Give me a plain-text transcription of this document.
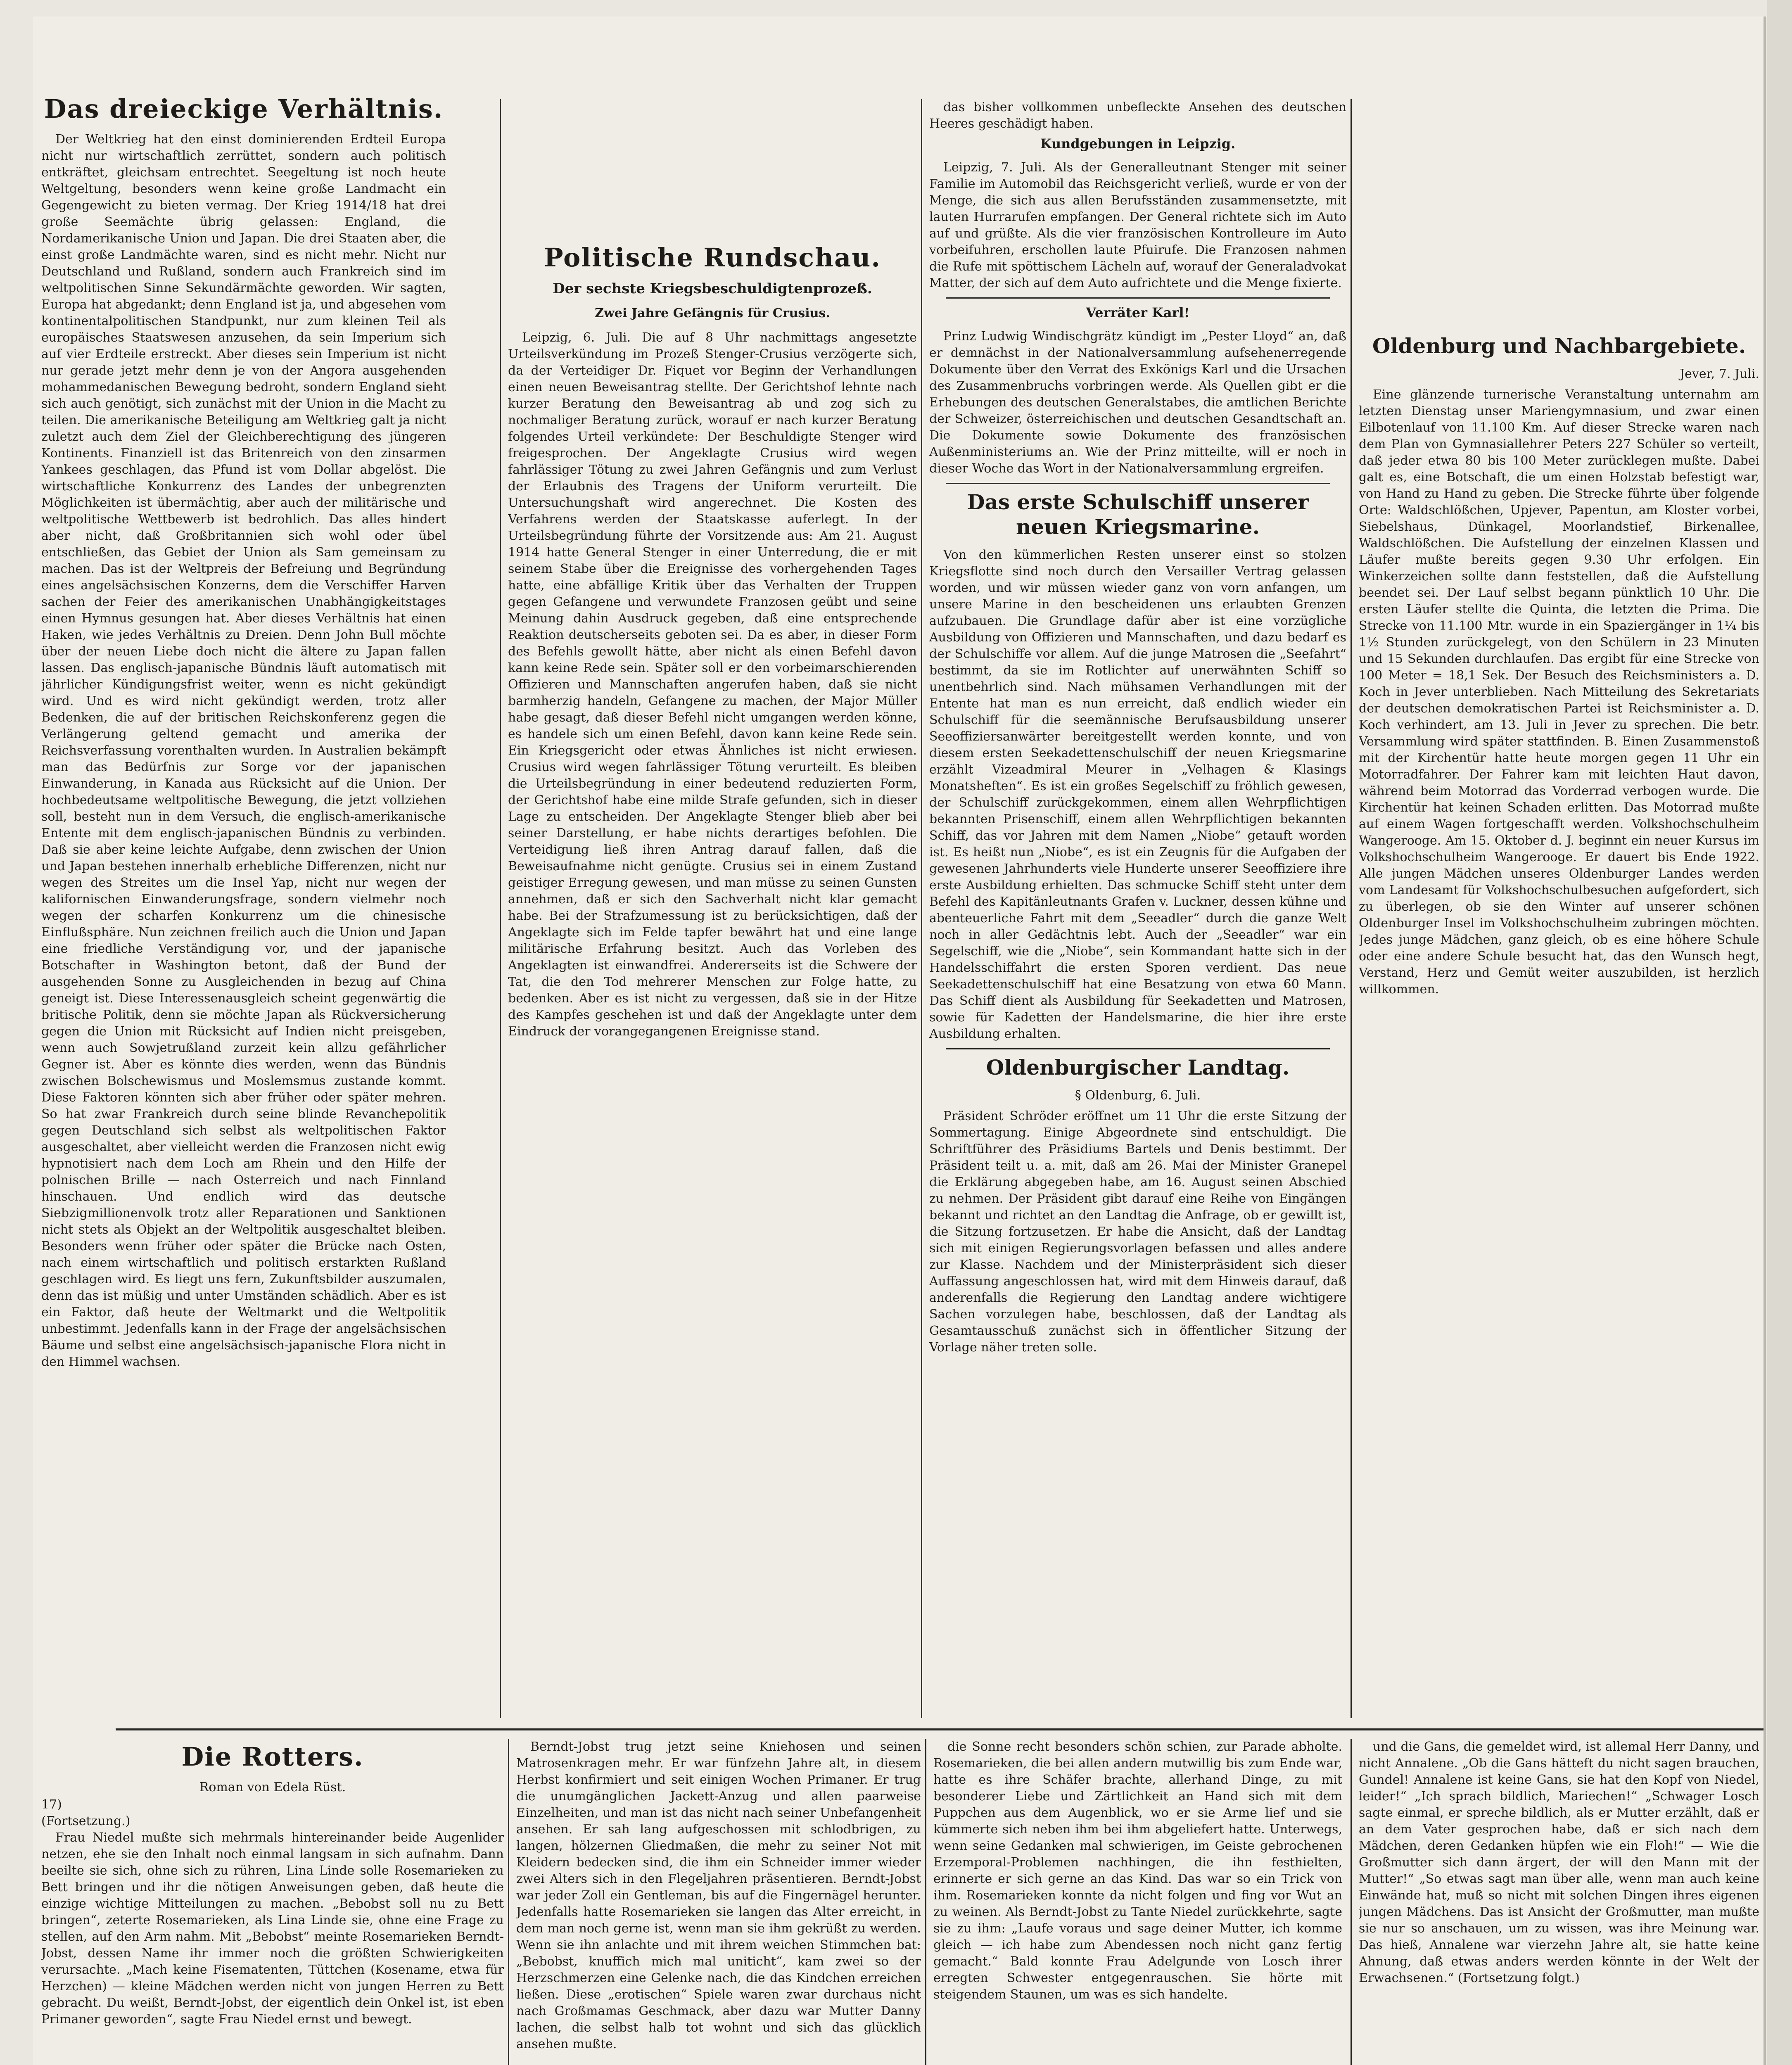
Das dreieckige Verhältnis.

Der Weltkrieg hat den einst dominierenden Erdteil Europa nicht nur wirtschaftlich zerrüttet, sondern auch politisch entkräftet, gleichsam entrechtet. Seegeltung ist noch heute Weltgeltung, besonders wenn keine große Landmacht ein Gegengewicht zu bieten vermag. Der Krieg 1914/18 hat drei große Seemächte übrig gelassen: England, die Nordamerikanische Union und Japan. Die drei Staaten aber, die einst große Landmächte waren, sind es nicht mehr. Nicht nur Deutschland und Rußland, sondern auch Frankreich sind im weltpolitischen Sinne Sekundärmächte geworden. Wir sagten, Europa hat abgedankt; denn England ist ja, und abgesehen vom kontinentalpolitischen Standpunkt, nur zum kleinen Teil als europäisches Staatswesen anzusehen, da sein Imperium sich auf vier Erdteile erstreckt. Aber dieses sein Imperium ist nicht nur gerade jetzt mehr denn je von der Angora ausgehenden mohammedanischen Bewegung bedroht, sondern England sieht sich auch genötigt, sich zunächst mit der Union in die Macht zu teilen. Die amerikanische Beteiligung am Weltkrieg galt ja nicht zuletzt auch dem Ziel der Gleichberechtigung des jüngeren Kontinents. Finanziell ist das Britenreich von den zinsarmen Yankees geschlagen, das Pfund ist vom Dollar abgelöst. Die wirtschaftliche Konkurrenz des Landes der unbegrenzten Möglichkeiten ist übermächtig, aber auch der militärische und weltpolitische Wettbewerb ist bedrohlich. Das alles hindert aber nicht, daß Großbritannien sich wohl oder übel entschließen, das Gebiet der Union als Sam gemeinsam zu machen. Das ist der Weltpreis der Befreiung und Begründung eines angelsächsischen Konzerns, dem die Verschiffer Harven sachen der Feier des amerikanischen Unabhängigkeitstages einen Hymnus gesungen hat. Aber dieses Verhältnis hat einen Haken, wie jedes Verhältnis zu Dreien. Denn John Bull möchte über der neuen Liebe doch nicht die ältere zu Japan fallen lassen. Das englisch-japanische Bündnis läuft automatisch mit jährlicher Kündigungsfrist weiter, wenn es nicht gekündigt wird. Und es wird nicht gekündigt werden, trotz aller Bedenken, die auf der britischen Reichskonferenz gegen die Verlängerung geltend gemacht und amerika der Reichsverfassung vorenthalten wurden. In Australien bekämpft man das Bedürfnis zur Sorge vor der japanischen Einwanderung, in Kanada aus Rücksicht auf die Union. Der hochbedeutsame weltpolitische Bewegung, die jetzt vollziehen soll, besteht nun in dem Versuch, die englisch-amerikanische Entente mit dem englisch-japanischen Bündnis zu verbinden. Daß sie aber keine leichte Aufgabe, denn zwischen der Union und Japan bestehen innerhalb erhebliche Differenzen, nicht nur wegen des Streites um die Insel Yap, nicht nur wegen der kalifornischen Einwanderungsfrage, sondern vielmehr noch wegen der scharfen Konkurrenz um die chinesische Einflußsphäre. Nun zeichnen freilich auch die Union und Japan eine friedliche Verständigung vor, und der japanische Botschafter in Washington betont, daß der Bund der ausgehenden Sonne zu Ausgleichenden in bezug auf China geneigt ist. Diese Interessenausgleich scheint gegenwärtig die britische Politik, denn sie möchte Japan als Rückversicherung gegen die Union mit Rücksicht auf Indien nicht preisgeben, wenn auch Sowjetrußland zurzeit kein allzu gefährlicher Gegner ist. Aber es könnte dies werden, wenn das Bündnis zwischen Bolschewismus und Moslemsmus zustande kommt. Diese Faktoren könnten sich aber früher oder später mehren. So hat zwar Frankreich durch seine blinde Revanchepolitik gegen Deutschland sich selbst als weltpolitischen Faktor ausgeschaltet, aber vielleicht werden die Franzosen nicht ewig hypnotisiert nach dem Loch am Rhein und den Hilfe der polnischen Brille — nach Osterreich und nach Finnland hinschauen. Und endlich wird das deutsche Siebzigmillionenvolk trotz aller Reparationen und Sanktionen nicht stets als Objekt an der Weltpolitik ausgeschaltet bleiben. Besonders wenn früher oder später die Brücke nach Osten, nach einem wirtschaftlich und politisch erstarkten Rußland geschlagen wird. Es liegt uns fern, Zukunftsbilder auszumalen, denn das ist müßig und unter Umständen schädlich. Aber es ist ein Faktor, daß heute der Weltmarkt und die Weltpolitik unbestimmt. Jedenfalls kann in der Frage der angelsächsischen Bäume und selbst eine angelsächsisch-japanische Flora nicht in den Himmel wachsen.

Politische Rundschau.
Der sechste Kriegsbeschuldigtenprozeß.
Zwei Jahre Gefängnis für Crusius.

Leipzig, 6. Juli. Die auf 8 Uhr nachmittags angesetzte Urteilsverkündung im Prozeß Stenger-Crusius verzögerte sich, da der Verteidiger Dr. Fiquet vor Beginn der Verhandlungen einen neuen Beweisantrag stellte. Der Gerichtshof lehnte nach kurzer Beratung den Beweisantrag ab und zog sich zu nochmaliger Beratung zurück, worauf er nach kurzer Beratung folgendes Urteil verkündete: Der Beschuldigte Stenger wird freigesprochen. Der Angeklagte Crusius wird wegen fahrlässiger Tötung zu zwei Jahren Gefängnis und zum Verlust der Erlaubnis des Tragens der Uniform verurteilt. Die Untersuchungshaft wird angerechnet. Die Kosten des Verfahrens werden der Staatskasse auferlegt. In der Urteilsbegründung führte der Vorsitzende aus: Am 21. August 1914 hatte General Stenger in einer Unterredung, die er mit seinem Stabe über die Ereignisse des vorhergehenden Tages hatte, eine abfällige Kritik über das Verhalten der Truppen gegen Gefangene und verwundete Franzosen geübt und seine Meinung dahin Ausdruck gegeben, daß eine entsprechende Reaktion deutscherseits geboten sei. Da es aber, in dieser Form des Befehls gewollt hätte, aber nicht als einen Befehl davon kann keine Rede sein. Später soll er den vorbeimarschierenden Offizieren und Mannschaften angerufen haben, daß sie nicht barmherzig handeln, Gefangene zu machen, der Major Müller habe gesagt, daß dieser Befehl nicht umgangen werden könne, es handele sich um einen Befehl, davon kann keine Rede sein. Ein Kriegsgericht oder etwas Ähnliches ist nicht erwiesen. Crusius wird wegen fahrlässiger Tötung verurteilt. Es bleiben die Urteilsbegründung in einer bedeutend reduzierten Form, der Gerichtshof habe eine milde Strafe gefunden, sich in dieser Lage zu entscheiden. Der Angeklagte Stenger blieb aber bei seiner Darstellung, er habe nichts derartiges befohlen. Die Verteidigung ließ ihren Antrag darauf fallen, daß die Beweisaufnahme nicht genügte. Crusius sei in einem Zustand geistiger Erregung gewesen, und man müsse zu seinen Gunsten annehmen, daß er sich den Sachverhalt nicht klar gemacht habe. Bei der Strafzumessung ist zu berücksichtigen, daß der Angeklagte sich im Felde tapfer bewährt hat und eine lange militärische Erfahrung besitzt. Auch das Vorleben des Angeklagten ist einwandfrei. Andererseits ist die Schwere der Tat, die den Tod mehrerer Menschen zur Folge hatte, zu bedenken. Aber es ist nicht zu vergessen, daß sie in der Hitze des Kampfes geschehen ist und daß der Angeklagte unter dem Eindruck der vorangegangenen Ereignisse stand.

das bisher vollkommen unbefleckte Ansehen des deutschen Heeres geschädigt haben.

Kundgebungen in Leipzig.

Leipzig, 7. Juli. Als der Generalleutnant Stenger mit seiner Familie im Automobil das Reichsgericht verließ, wurde er von der Menge, die sich aus allen Berufsständen zusammensetzte, mit lauten Hurrarufen empfangen. Der General richtete sich im Auto auf und grüßte. Als die vier französischen Kontrolleure im Auto vorbeifuhren, erschollen laute Pfuirufe. Die Franzosen nahmen die Rufe mit spöttischem Lächeln auf, worauf der Generaladvokat Matter, der sich auf dem Auto aufrichtete und die Menge fixierte.

Verräter Karl!

Prinz Ludwig Windischgrätz kündigt im „Pester Lloyd“ an, daß er demnächst in der Nationalversammlung aufsehenerregende Dokumente über den Verrat des Exkönigs Karl und die Ursachen des Zusammenbruchs vorbringen werde. Als Quellen gibt er die Erhebungen des deutschen Generalstabes, die amtlichen Berichte der Schweizer, österreichischen und deutschen Gesandtschaft an. Die Dokumente sowie Dokumente des französischen Außenministeriums an. Wie der Prinz mitteilte, will er noch in dieser Woche das Wort in der Nationalversammlung ergreifen.

Das erste Schulschiff unserer neuen Kriegsmarine.

Von den kümmerlichen Resten unserer einst so stolzen Kriegsflotte sind noch durch den Versailler Vertrag gelassen worden, und wir müssen wieder ganz von vorn anfangen, um unsere Marine in den bescheidenen uns erlaubten Grenzen aufzubauen. Die Grundlage dafür aber ist eine vorzügliche Ausbildung von Offizieren und Mannschaften, und dazu bedarf es der Schulschiffe vor allem. Auf die junge Matrosen die „Seefahrt“ bestimmt, da sie im Rotlichter auf unerwähnten Schiff so unentbehrlich sind. Nach mühsamen Verhandlungen mit der Entente hat man es nun erreicht, daß endlich wieder ein Schulschiff für die seemännische Berufsausbildung unserer Seeoffiziersanwärter bereitgestellt werden konnte, und von diesem ersten Seekadettenschulschiff der neuen Kriegsmarine erzählt Vizeadmiral Meurer in „Velhagen & Klasings Monatsheften“. Es ist ein großes Segelschiff zu fröhlich gewesen, der Schulschiff zurückgekommen, einem allen Wehrpflichtigen bekannten Prisenschiff, einem allen Wehrpflichtigen bekannten Schiff, das vor Jahren mit dem Namen „Niobe“ getauft worden ist. Es heißt nun „Niobe“, es ist ein Zeugnis für die Aufgaben der gewesenen Jahrhunderts viele Hunderte unserer Seeoffiziere ihre erste Ausbildung erhielten. Das schmucke Schiff steht unter dem Befehl des Kapitänleutnants Grafen v. Luckner, dessen kühne und abenteuerliche Fahrt mit dem „Seeadler“ durch die ganze Welt noch in aller Gedächtnis lebt. Auch der „Seeadler“ war ein Segelschiff, wie die „Niobe“, sein Kommandant hatte sich in der Handelsschiffahrt die ersten Sporen verdient. Das neue Seekadettenschulschiff hat eine Besatzung von etwa 60 Mann. Das Schiff dient als Ausbildung für Seekadetten und Matrosen, sowie für Kadetten der Handelsmarine, die hier ihre erste Ausbildung erhalten.

Oldenburgischer Landtag.
§ Oldenburg, 6. Juli.

Präsident Schröder eröffnet um 11 Uhr die erste Sitzung der Sommertagung. Einige Abgeordnete sind entschuldigt. Die Schriftführer des Präsidiums Bartels und Denis bestimmt. Der Präsident teilt u. a. mit, daß am 26. Mai der Minister Granepel die Erklärung abgegeben habe, am 16. August seinen Abschied zu nehmen. Der Präsident gibt darauf eine Reihe von Eingängen bekannt und richtet an den Landtag die Anfrage, ob er gewillt ist, die Sitzung fortzusetzen. Er habe die Ansicht, daß der Landtag sich mit einigen Regierungsvorlagen befassen und alles andere zur Klasse. Nachdem und der Ministerpräsident sich dieser Auffassung angeschlossen hat, wird mit dem Hinweis darauf, daß anderenfalls die Regierung den Landtag andere wichtigere Sachen vorzulegen habe, beschlossen, daß der Landtag als Gesamtausschuß zunächst sich in öffentlicher Sitzung der Vorlage näher treten solle.

Oldenburg und Nachbargebiete.
Jever, 7. Juli.

Eine glänzende turnerische Veranstaltung unternahm am letzten Dienstag unser Mariengymnasium, und zwar einen Eilbotenlauf von 11.100 Km. Auf dieser Strecke waren nach dem Plan von Gymnasiallehrer Peters 227 Schüler so verteilt, daß jeder etwa 80 bis 100 Meter zurücklegen mußte. Dabei galt es, eine Botschaft, die um einen Holzstab befestigt war, von Hand zu Hand zu geben. Die Strecke führte über folgende Orte: Waldschlößchen, Upjever, Papentun, am Kloster vorbei, Siebelshaus, Dünkagel, Moorlandstief, Birkenallee, Waldschlößchen. Die Aufstellung der einzelnen Klassen und Läufer mußte bereits gegen 9.30 Uhr erfolgen. Ein Winkerzeichen sollte dann feststellen, daß die Aufstellung beendet sei. Der Lauf selbst begann pünktlich 10 Uhr. Die ersten Läufer stellte die Quinta, die letzten die Prima. Die Strecke von 11.100 Mtr. wurde in ein Spaziergänger in 1¼ bis 1½ Stunden zurückgelegt, von den Schülern in 23 Minuten und 15 Sekunden durchlaufen. Das ergibt für eine Strecke von 100 Meter = 18,1 Sek. Der Besuch des Reichsministers a. D. Koch in Jever unterblieben. Nach Mitteilung des Sekretariats der deutschen demokratischen Partei ist Reichsminister a. D. Koch verhindert, am 13. Juli in Jever zu sprechen. Die betr. Versammlung wird später stattfinden. B. Einen Zusammenstoß mit der Kirchentür hatte heute morgen gegen 11 Uhr ein Motorradfahrer. Der Fahrer kam mit leichten Haut davon, während beim Motorrad das Vorderrad verbogen wurde. Die Kirchentür hat keinen Schaden erlitten. Das Motorrad mußte auf einem Wagen fortgeschafft werden. Volkshochschulheim Wangerooge. Am 15. Oktober d. J. beginnt ein neuer Kursus im Volkshochschulheim Wangerooge. Er dauert bis Ende 1922. Alle jungen Mädchen unseres Oldenburger Landes werden vom Landesamt für Volkshochschulbesuchen aufgefordert, sich zu überlegen, ob sie den Winter auf unserer schönen Oldenburger Insel im Volkshochschulheim zubringen möchten. Jedes junge Mädchen, ganz gleich, ob es eine höhere Schule oder eine andere Schule besucht hat, das den Wunsch hegt, Verstand, Herz und Gemüt weiter auszubilden, ist herzlich willkommen.

Die Rotters.
Roman von Edela Rüst.
17)
(Fortsetzung.)

Frau Niedel mußte sich mehrmals hintereinander beide Augenlider netzen, ehe sie den Inhalt noch einmal langsam in sich aufnahm. Dann beeilte sie sich, ohne sich zu rühren, Lina Linde solle Rosemarieken zu Bett bringen und ihr die nötigen Anweisungen geben, daß heute die einzige wichtige Mitteilungen zu machen. „Bebobst soll nu zu Bett bringen“, zeterte Rosemarieken, als Lina Linde sie, ohne eine Frage zu stellen, auf den Arm nahm. Mit „Bebobst“ meinte Rosemarieken Berndt-Jobst, dessen Name ihr immer noch die größten Schwierigkeiten verursachte. „Mach keine Fisematenten, Tüttchen (Kosename, etwa für Herzchen) — kleine Mädchen werden nicht von jungen Herren zu Bett gebracht. Du weißt, Berndt-Jobst, der eigentlich dein Onkel ist, ist eben Primaner geworden“, sagte Frau Niedel ernst und bewegt.

Berndt-Jobst trug jetzt seine Kniehosen und seinen Matrosenkragen mehr. Er war fünfzehn Jahre alt, in diesem Herbst konfirmiert und seit einigen Wochen Primaner. Er trug die unumgänglichen Jackett-Anzug und allen paarweise Einzelheiten, und man ist das nicht nach seiner Unbefangenheit ansehen. Er sah lang aufgeschossen mit schlodbrigen, zu langen, hölzernen Gliedmaßen, die mehr zu seiner Not mit Kleidern bedecken sind, die ihm ein Schneider immer wieder zwei Alters sich in den Flegeljahren präsentieren. Berndt-Jobst war jeder Zoll ein Gentleman, bis auf die Fingernägel herunter. Jedenfalls hatte Rosemarieken sie langen das Alter erreicht, in dem man noch gerne ist, wenn man sie ihm gekrüßt zu werden. Wenn sie ihn anlachte und mit ihrem weichen Stimmchen bat: „Bebobst, knuffich mich mal uniticht“, kam zwei so der Herzschmerzen eine Gelenke nach, die das Kindchen erreichen ließen. Diese „erotischen“ Spiele waren zwar durchaus nicht nach Großmamas Geschmack, aber dazu war Mutter Danny lachen, die selbst halb tot wohnt und sich das glücklich ansehen mußte.

die Sonne recht besonders schön schien, zur Parade abholte. Rosemarieken, die bei allen andern mutwillig bis zum Ende war, hatte es ihre Schäfer brachte, allerhand Dinge, zu mit besonderer Liebe und Zärtlichkeit an Hand sich mit dem Puppchen aus dem Augenblick, wo er sie Arme lief und sie kümmerte sich neben ihm bei ihm abgeliefert hatte. Unterwegs, wenn seine Gedanken mal schwierigen, im Geiste gebrochenen Erzemporal-Problemen nachhingen, die ihn festhielten, erinnerte er sich gerne an das Kind. Das war so ein Trick von ihm. Rosemarieken konnte da nicht folgen und fing vor Wut an zu weinen. Als Berndt-Jobst zu Tante Niedel zurückkehrte, sagte sie zu ihm: „Laufe voraus und sage deiner Mutter, ich komme gleich — ich habe zum Abendessen noch nicht ganz fertig gemacht.“ Bald konnte Frau Adelgunde von Losch ihrer erregten Schwester entgegenrauschen. Sie hörte mit steigendem Staunen, um was es sich handelte.

und die Gans, die gemeldet wird, ist allemal Herr Danny, und nicht Annalene. „Ob die Gans hätteft du nicht sagen brauchen, Gundel! Annalene ist keine Gans, sie hat den Kopf von Niedel, leider!“ „Ich sprach bildlich, Mariechen!“ „Schwager Losch sagte einmal, er spreche bildlich, als er Mutter erzählt, daß er an dem Vater gesprochen habe, daß er sich nach dem Mädchen, deren Gedanken hüpfen wie ein Floh!“ — Wie die Großmutter sich dann ärgert, der will den Mann mit der Mutter!“ „So etwas sagt man über alle, wenn man auch keine Einwände hat, muß so nicht mit solchen Dingen ihres eigenen jungen Mädchens. Das ist Ansicht der Großmutter, man mußte sie nur so anschauen, um zu wissen, was ihre Meinung war. Das hieß, Annalene war vierzehn Jahre alt, sie hatte keine Ahnung, daß etwas anders werden könnte in der Welt der Erwachsenen.“ (Fortsetzung folgt.)
